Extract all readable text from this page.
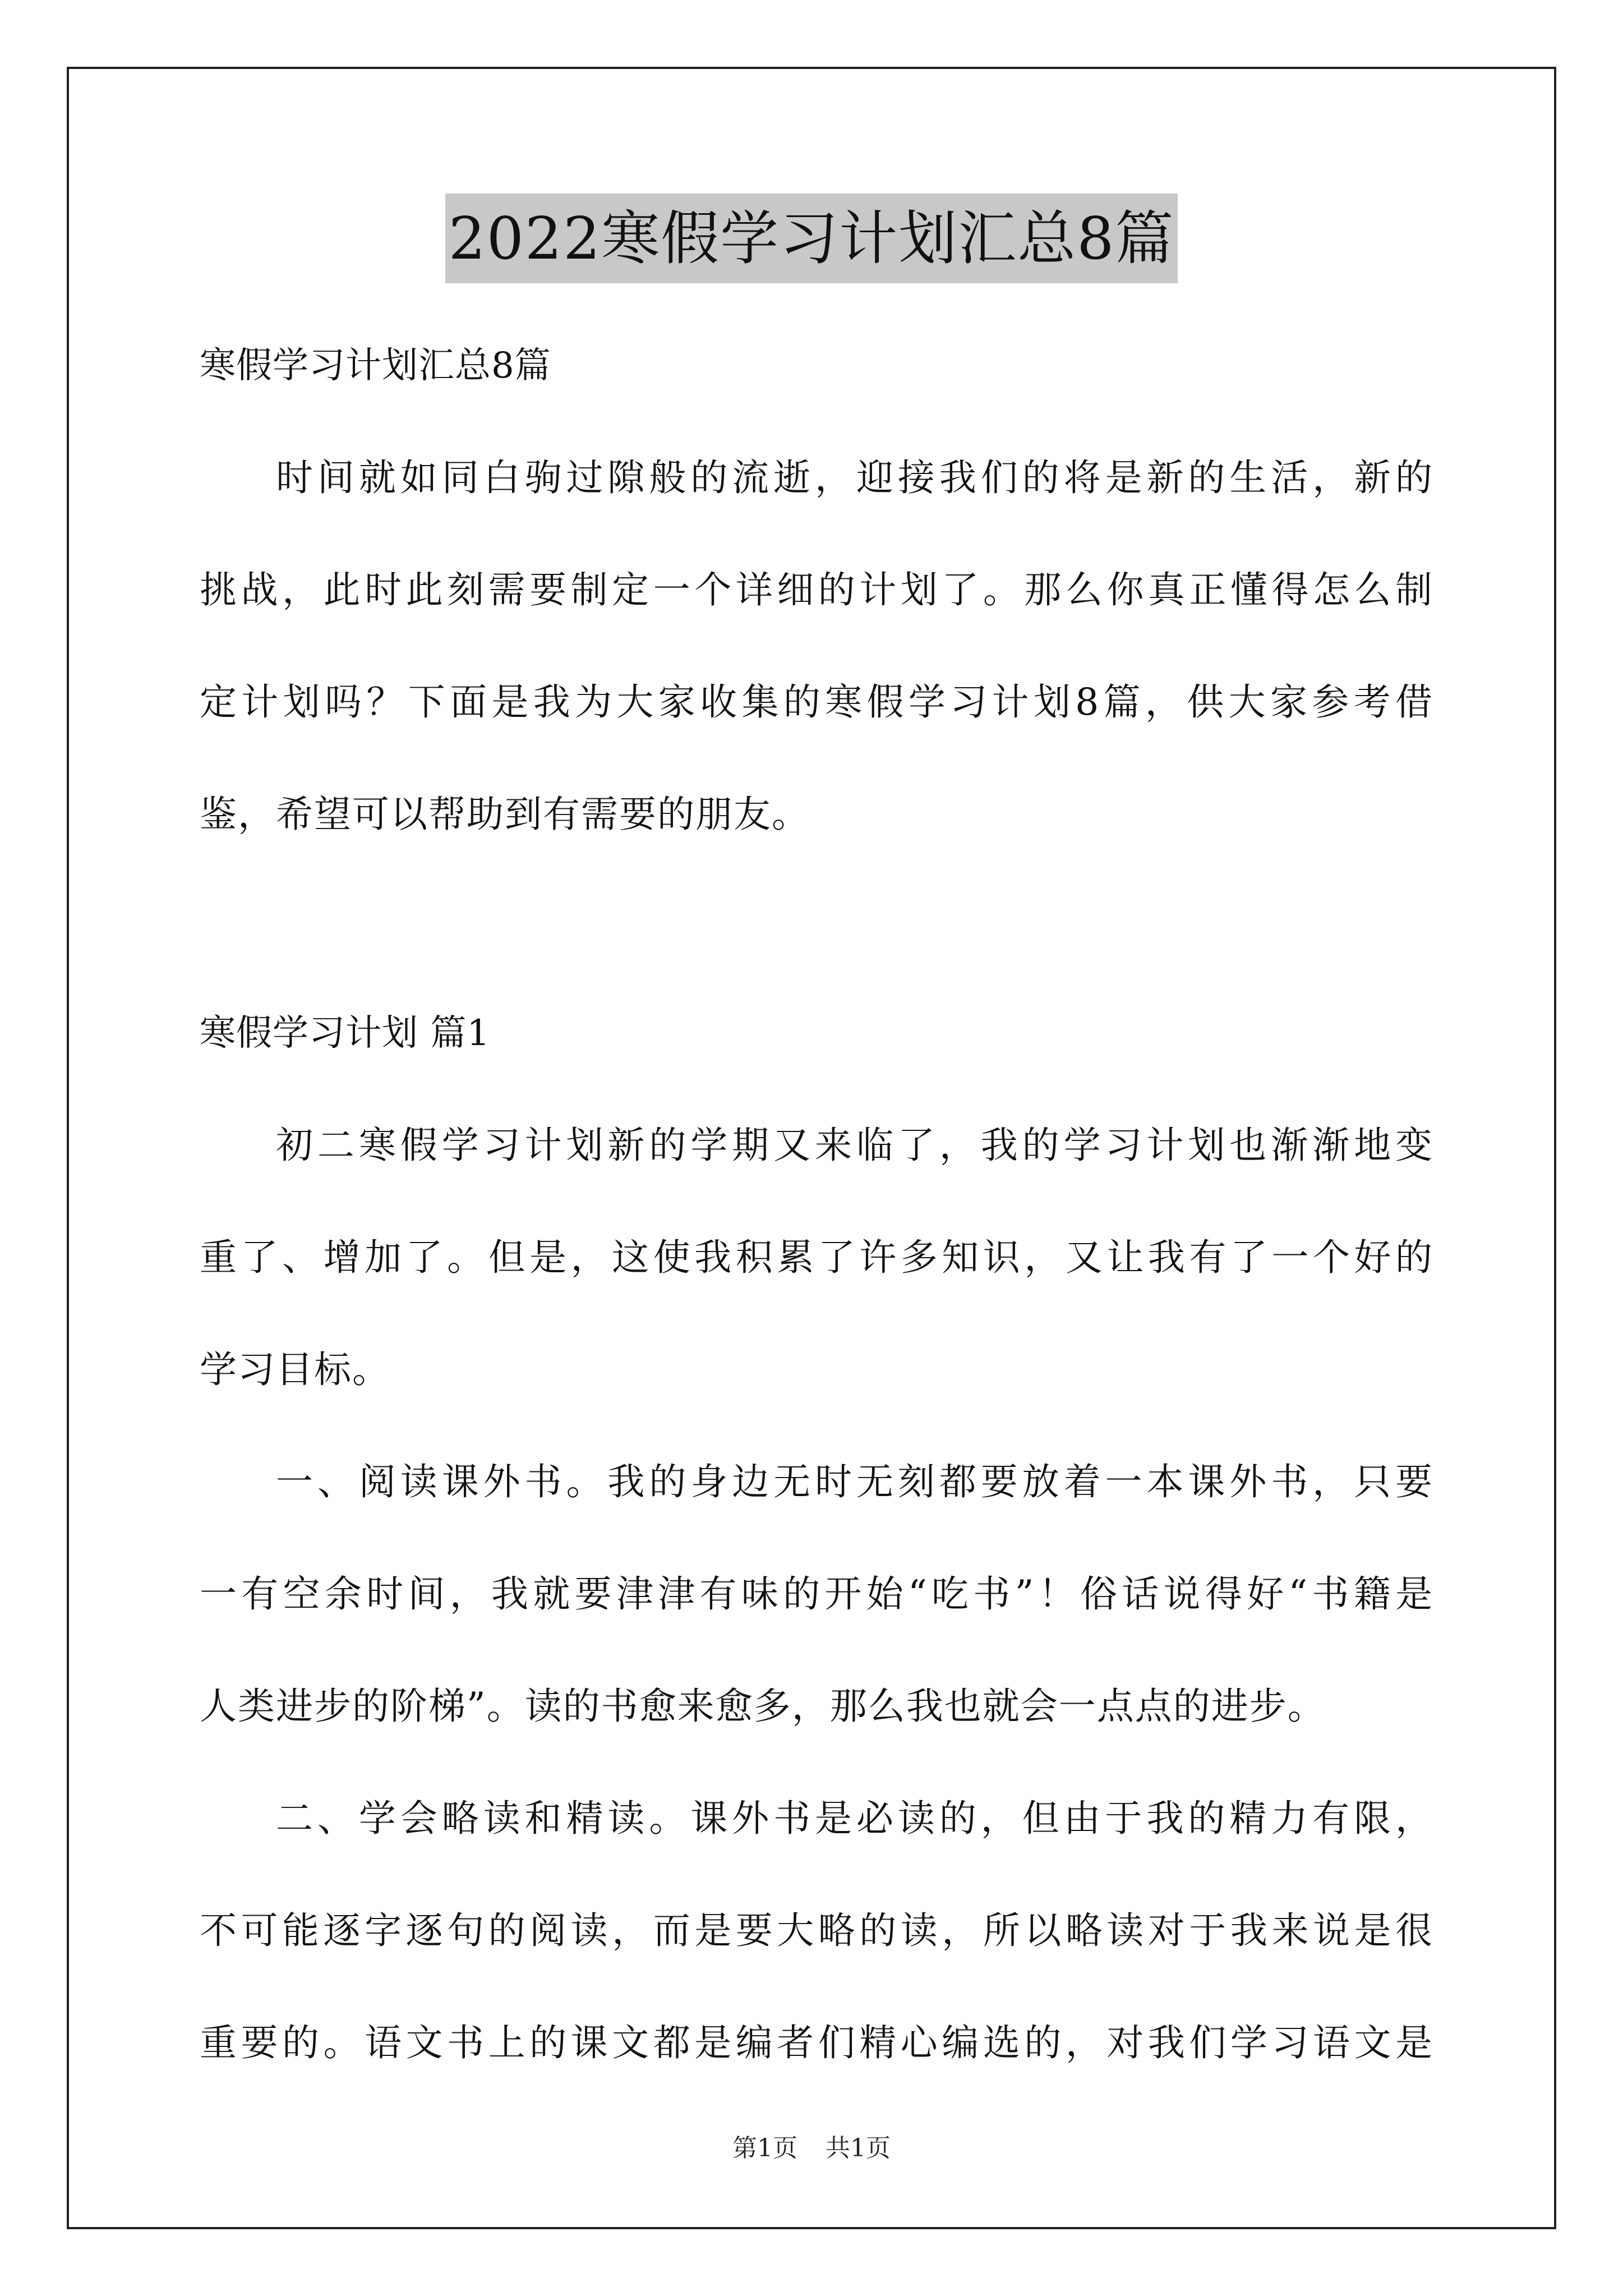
2022寒假学习计划汇总8篇
寒假学习计划汇总8篇
时间就如同白驹过隙般的流逝，迎接我们的将是新的生活，新的
挑战，此时此刻需要制定一个详细的计划了。那么你真正懂得怎么制
定计划吗？下面是我为大家收集的寒假学习计划8篇，供大家参考借
鉴，希望可以帮助到有需要的朋友。
寒假学习计划 篇1
初二寒假学习计划新的学期又来临了，我的学习计划也渐渐地变
重了、增加了。但是，这使我积累了许多知识，又让我有了一个好的
学习目标。
一、阅读课外书。我的身边无时无刻都要放着一本课外书，只要
一有空余时间，我就要津津有味的开始“吃书”！俗话说得好“书籍是
人类进步的阶梯”。读的书愈来愈多，那么我也就会一点点的进步。
二、学会略读和精读。课外书是必读的，但由于我的精力有限，
不可能逐字逐句的阅读，而是要大略的读，所以略读对于我来说是很
重要的。语文书上的课文都是编者们精心编选的，对我们学习语文是
第1页 共1页
